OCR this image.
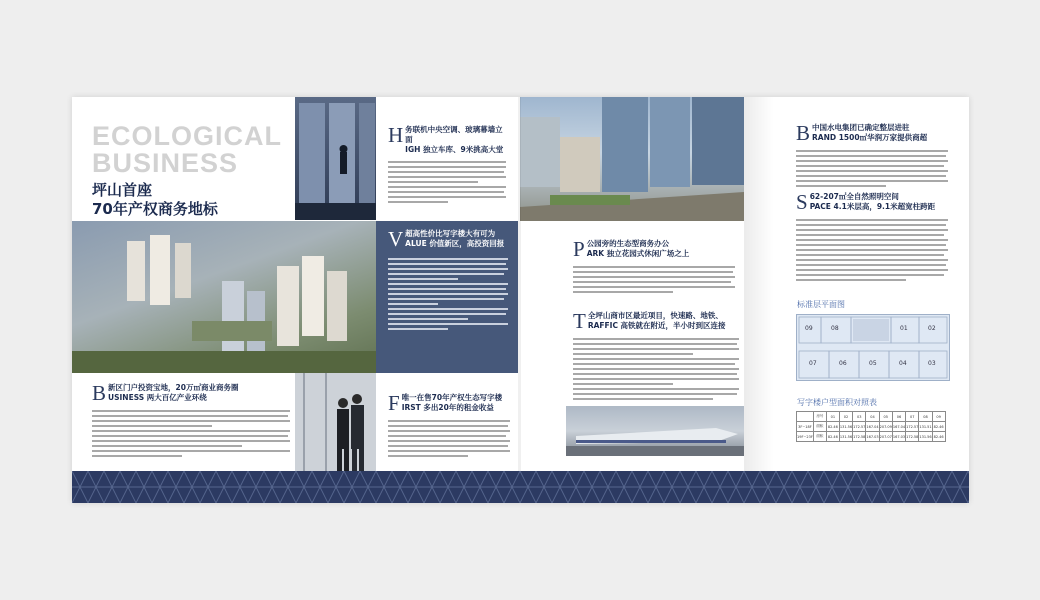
ECOLOGICAL
BUSINESS
坪山首座
70年产权商务地标
H 务联机中央空调、玻璃幕墙立面
IGH 独立车库、9米挑高大堂
V 超高性价比写字楼大有可为
ALUE 价值新区，高投资回报
B 新区门户投资宝地，20万㎡商业商务圈
USINESS 两大百亿产业环绕	F 唯一在售70年产权生态写字楼
IRST 多出20年的租金收益
P 公园旁的生态型商务办公
ARK 独立花园式休闲广场之上
T 全坪山商市区最近项目，快速路、地铁、
RAFFIC 高铁就在附近，半小时到区连接
B 中国水电集团已确定整层进驻
RAND 1500㎡华润万家提供商超
S 62-207㎡全自然照明空间
PACE 4.1米层高，9.1米超宽柱跨距
标准层平面图
09	08	01	02
07	06	05	04	03
写字楼户型面积对照表
	房号	01	02	03	04	05	06	07	08	09
3F~18F	面积	82.46	131.56	172.57	167.04	207.09	167.04	172.57	131.51	82.46
19F~23F	面积	82.46	131.56	172.58	167.03	207.07	167.03	172.58	131.56	82.46
